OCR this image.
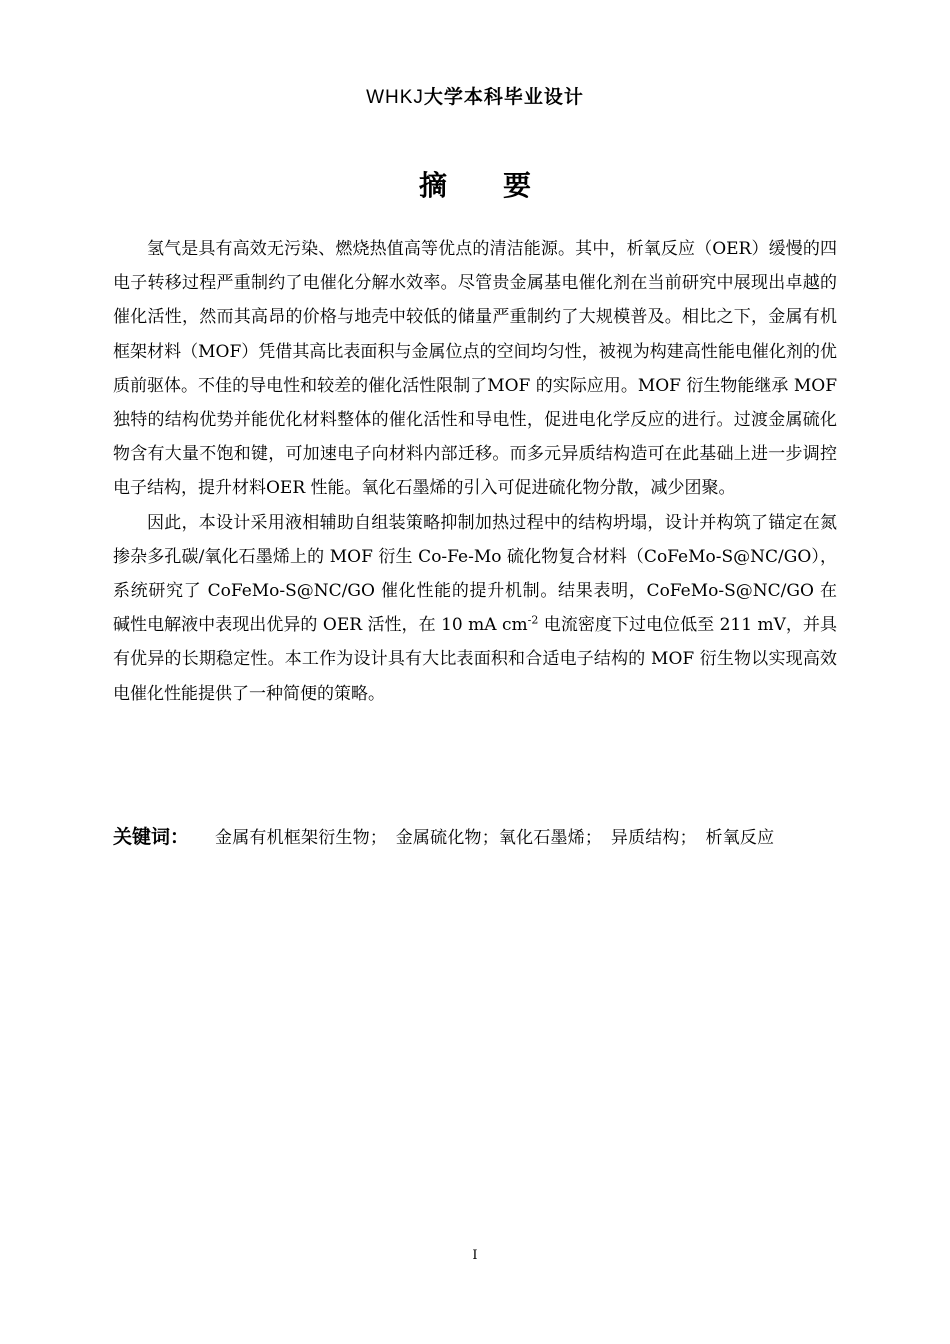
WHKJ大学本科毕业设计
摘 要

氢气是具有高效无污染、燃烧热值高等优点的清洁能源。其中，析氧反应（OER）缓慢的四电子转移过程严重制约了电催化分解水效率。尽管贵金属基电催化剂在当前研究中展现出卓越的催化活性，然而其高昂的价格与地壳中较低的储量严重制约了大规模普及。相比之下，金属有机框架材料（MOF）凭借其高比表面积与金属位点的空间均匀性，被视为构建高性能电催化剂的优质前驱体。不佳的导电性和较差的催化活性限制了MOF 的实际应用。MOF 衍生物能继承 MOF 独特的结构优势并能优化材料整体的催化活性和导电性，促进电化学反应的进行。过渡金属硫化物含有大量不饱和键，可加速电子向材料内部迁移。而多元异质结构造可在此基础上进一步调控电子结构，提升材料OER 性能。氧化石墨烯的引入可促进硫化物分散，减少团聚。

因此，本设计采用液相辅助自组装策略抑制加热过程中的结构坍塌，设计并构筑了锚定在氮掺杂多孔碳/氧化石墨烯上的 MOF 衍生 Co-Fe-Mo 硫化物复合材料（CoFeMo-S@NC/GO），系统研究了 CoFeMo-S@NC/GO 催化性能的提升机制。结果表明，CoFeMo-S@NC/GO 在碱性电解液中表现出优异的 OER 活性，在 10 mA $cm^{-2}$ 电流密度下过电位低至 211 mV，并具有优异的长期稳定性。本工作为设计具有大比表面积和合适电子结构的 MOF 衍生物以实现高效电催化性能提供了一种简便的策略。

关键词： 金属有机框架衍生物；　金属硫化物；氧化石墨烯；　异质结构；　析氧反应
I
